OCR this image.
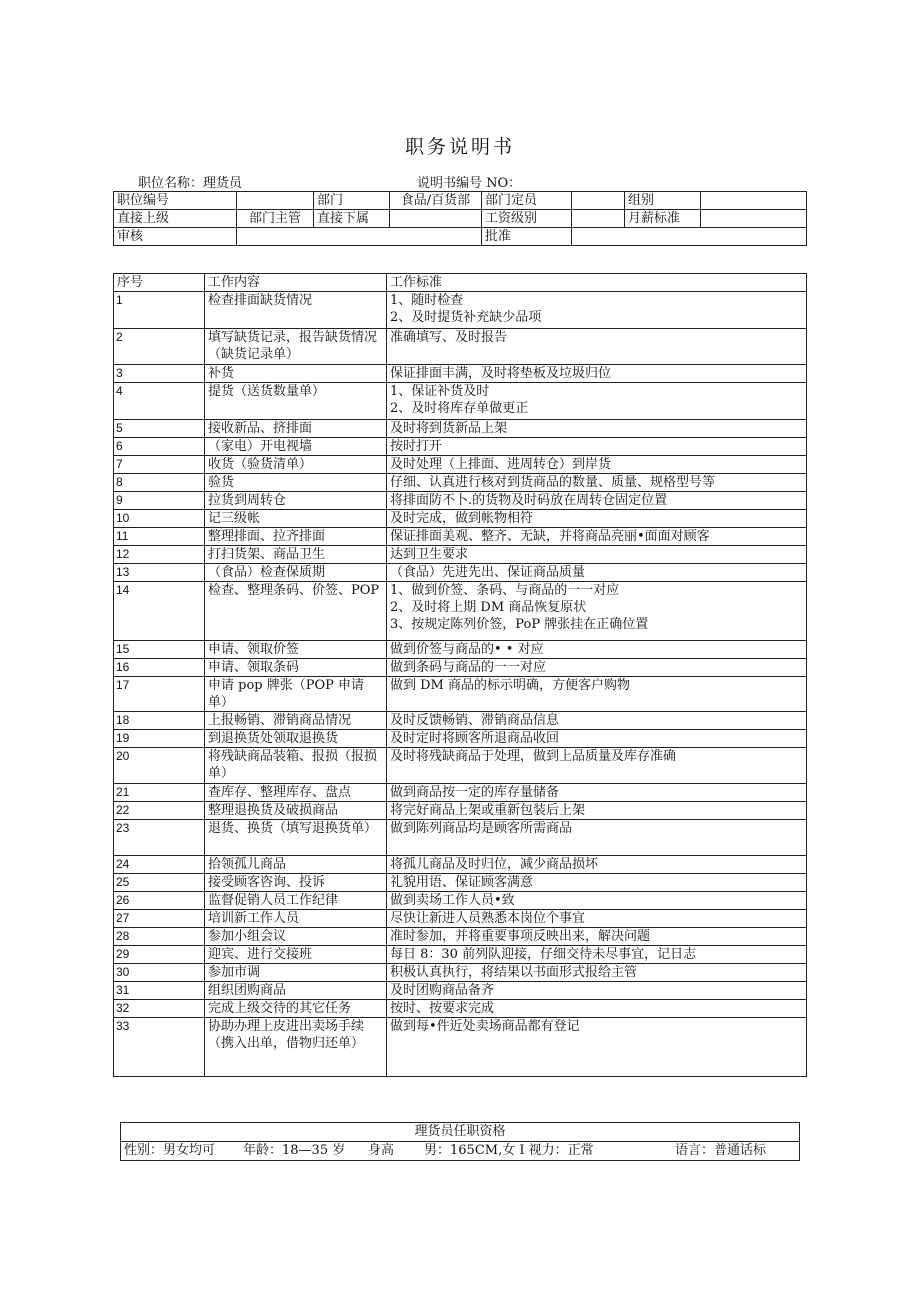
职务说明书
职位名称：理货员	说明书编号 NO：
职位编号		部门	食品/百货部	部门定员		组别	
直接上级	部门主管	直接下属		工资级别		月薪标准	
审核				批准			
序号	工作内容	工作标准
1	检查排面缺货情况	1、随时检查
2、及时提货补充缺少品项
2	填写缺货记录，报告缺货情况（缺货记录单）	准确填写、及时报告
3	补货	保证排面丰满，及时将垫板及垃圾归位
4	提货（送货数量单）	1、保证补货及时
2、及时将库存单做更正
5	接收新品、挤排面	及时将到货新品上架
6	（家电）开电视墙	按时打开
7	收货（验货清单）	及时处理（上排面、进周转仓）到岸货
8	验货	仔细、认真进行核对到货商品的数量、质量、规格型号等
9	拉货到周转仓	将排面防不卜.的货物及时码放在周转仓固定位置
10	记三级帐	及时完成，做到帐物相符
11	整理排面、拉齐排面	保证排面美观、整齐、无缺，并将商品亮丽•面面对顾客
12	打扫货架、商品卫生	达到卫生要求
13	（食品）检查保质期	（食品）先进先出、保证商品质量
14	检查、整理条码、价签、POP	1、做到价签、条码、与商品的一一对应
2、及时将上期 DM 商品恢复原状
3、按规定陈列价签，PoP 牌张挂在正确位置
15	申请、领取价签	做到价签与商品的• • 对应
16	申请、领取条码	做到条码与商品的一一对应
17	申请 pop 牌张（POP 申请单）	做到 DM 商品的标示明确，方便客户购物
18	上报畅销、滞销商品情况	及时反馈畅销、滞销商品信息
19	到退换货处领取退换货	及时定时将顾客所退商品收回
20	将残缺商品装箱、报损（报损单）	及时将残缺商品于处理，做到上品质量及库存准确
21	查库存、整理库存、盘点	做到商品按一定的库存量储备
22	整理退换货及破损商品	将完好商品上架或重新包装后上架
23	退货、换货（填写退换货单）	做到陈列商品均是顾客所需商品
24	拾领孤儿商品	将孤儿商品及时归位，减少商品损坏
25	接受顾客咨询、投诉	礼貌用语、保证顾客满意
26	监督促销人员工作纪律	做到卖场工作人员•致
27	培训新工作人员	尽快让新进人员熟悉本岗位个事宜
28	参加小组会议	准时参加，并将重要事项反映出来，解决问题
29	迎宾、进行交接班	每日 8：30 前列队迎接，仔细交待未尽事宜，记日志
30	参加市调	积极认真执行，将结果以书面形式报给主管
31	组织团购商品	及时团购商品备齐
32	完成上级交待的其它任务	按时、按要求完成
33	协助办理上皮进出卖场手续（携入出单，借物归还单）	做到每•件近处卖场商品都有登记
理货员任职资格
性别：男女均可 年龄：18—35 岁 身高 男：165CM,女 I 视力：正常	语言：普通话标
